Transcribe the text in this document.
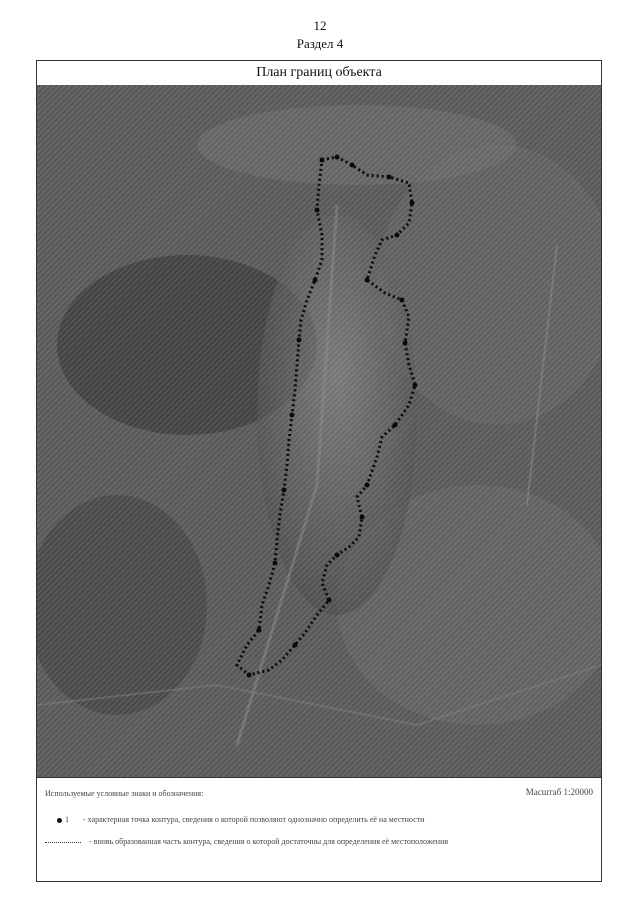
12
Раздел 4
План границ объекта
Используемые условные знаки и обозначения:	Масштаб 1:20000
1 - характерная точка контура, сведения о которой позволяют однозначно определить её на местности
- вновь образованная часть контура, сведения о которой достаточны для определения её местоположения
